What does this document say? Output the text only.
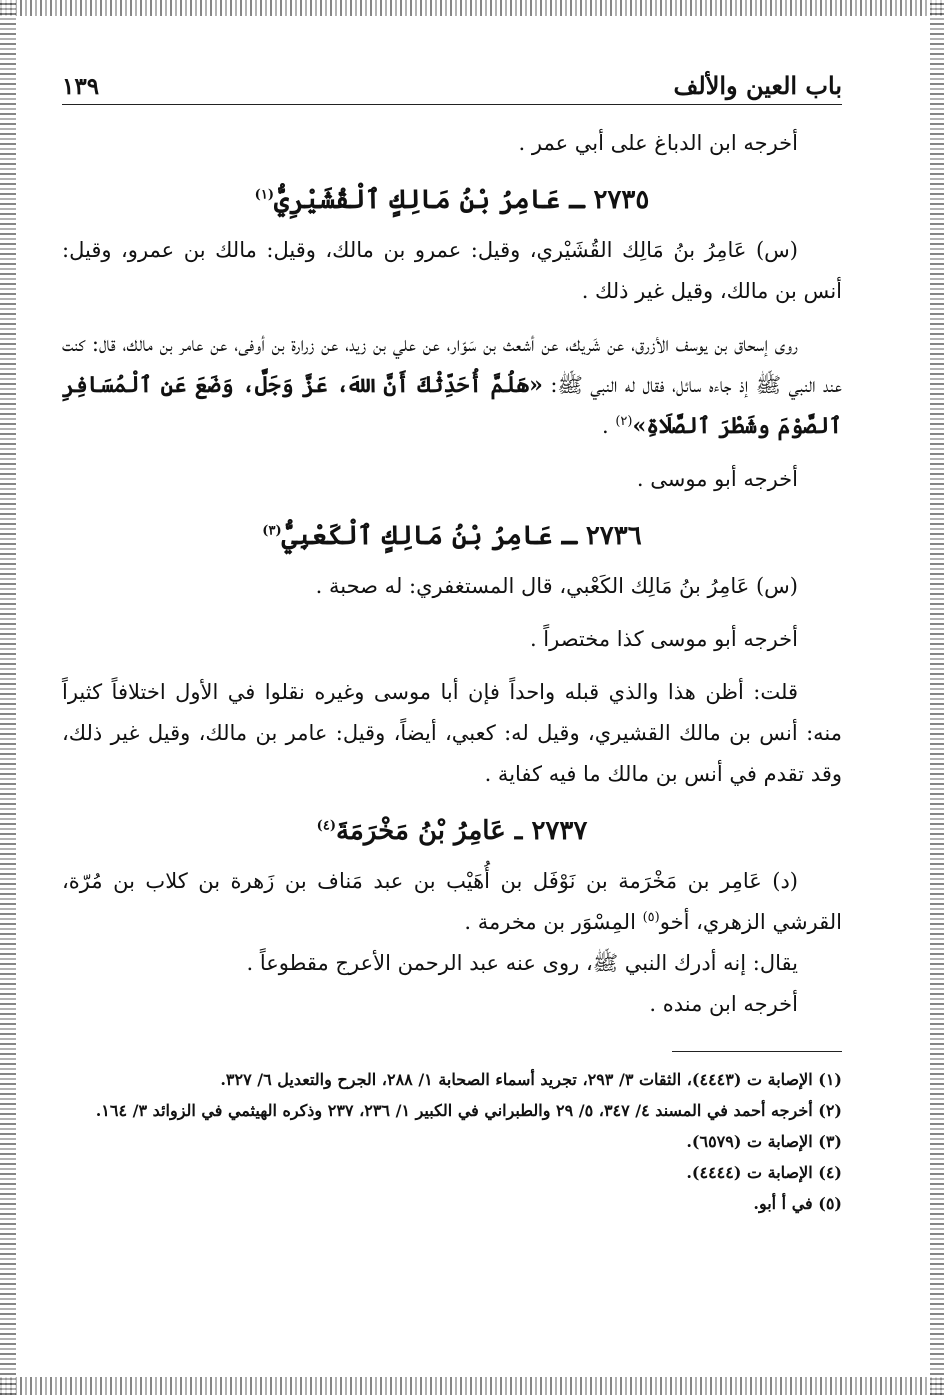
باب العين والألف
١٣٩

أخرجه ابن الدباغ على أبي عمر .

٢٧٣٥ ـ عَامِرُ بْنُ مَالِكٍ ٱلْقُشَيْرِيُّ$^{(١)}$

(س) عَامِرُ بنُ مَالِك القُشَيْري، وقيل: عمرو بن مالك، وقيل: مالك بن عمرو، وقيل: أنس بن مالك، وقيل غير ذلك .

روى إسحاق بن يوسف الأزرق، عن شَريك، عن أشعث بن سَوّار، عن علي بن زيد، عن زرارة بن أوفى، عن عامر بن مالك، قال: كنت عند النبي ﷺ إذ جاءه سائل، فقال له النبي ﷺ: «هَلُمَّ أُحَدِّثْكَ أَنَّ اللهَ، عَزَّ وَجَلَّ، وَضَعَ عَنِ ٱلْمُسَافِرِ ٱلصَّوْمَ وشَطْرَ ٱلصَّلَاةِ»$^{(٢)}$ .

أخرجه أبو موسى .

٢٧٣٦ ـ عَامِرُ بْنُ مَالِكٍ ٱلْكَعْبِيُّ$^{(٣)}$

(س) عَامِرُ بنُ مَالِك الكَعْبي، قال المستغفري: له صحبة .

أخرجه أبو موسى كذا مختصراً .

قلت: أظن هذا والذي قبله واحداً فإن أبا موسى وغيره نقلوا في الأول اختلافاً كثيراً منه: أنس بن مالك القشيري، وقيل له: كعبي، أيضاً، وقيل: عامر بن مالك، وقيل غير ذلك، وقد تقدم في أنس بن مالك ما فيه كفاية .

٢٧٣٧ ـ عَامِرُ بْنُ مَخْرَمَةَ$^{(٤)}$

(د) عَامِر بن مَخْرَمة بن نَوْفَل بن أُهَيْب بن عبد مَناف بن زَهرة بن كلاب بن مُرّة، القرشي الزهري، أخو$^{(٥)}$ المِسْوَر بن مخرمة .

يقال: إنه أدرك النبي ﷺ، روى عنه عبد الرحمن الأعرج مقطوعاً .

أخرجه ابن منده .

(١) الإصابة ت (٤٤٤٣)، الثقات ٣/ ٢٩٣، تجريد أسماء الصحابة ١/ ٢٨٨، الجرح والتعديل ٦/ ٣٢٧.

(٢) أخرجه أحمد في المسند ٤/ ٣٤٧، ٥/ ٢٩ والطبراني في الكبير ١/ ٢٣٦، ٢٣٧ وذكره الهيثمي في الزوائد ٣/ ١٦٤.

(٣) الإصابة ت (٦٥٧٩).

(٤) الإصابة ت (٤٤٤٤).

(٥) في أ أبو.
